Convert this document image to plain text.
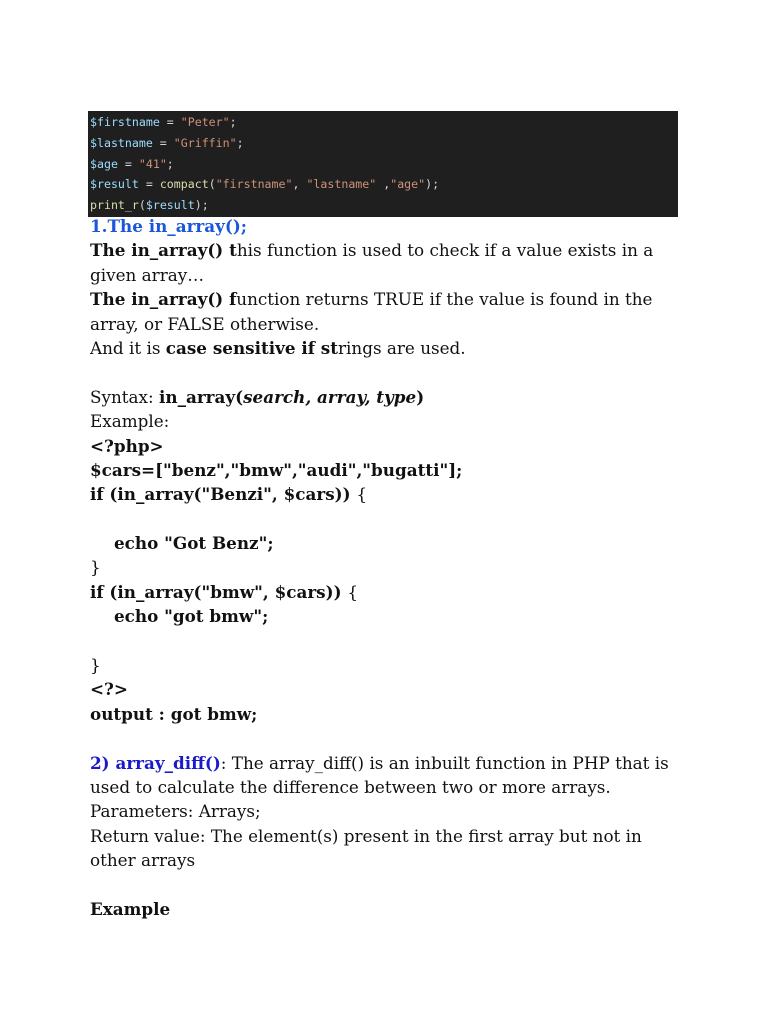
$firstname = "Peter";
$lastname = "Griffin";
$age = "41";
$result = compact("firstname", "lastname" ,"age");
print_r($result);
1.The in_array();
The in_array() this function is used to check if a value exists in a
given array…
The in_array() function returns TRUE if the value is found in the
array, or FALSE otherwise.
And it is case sensitive if strings are used.
Syntax: in_array(search, array, type)
Example:
<?php>
$cars=["benz","bmw","audi","bugatti"];
if (in_array("Benzi", $cars)) {
echo "Got Benz";
}
if (in_array("bmw", $cars)) {
echo "got bmw";
}
<?>
output : got bmw;
2) array_diff(): The array_diff() is an inbuilt function in PHP that is
used to calculate the difference between two or more arrays.
Parameters: Arrays;
Return value: The element(s) present in the first array but not in
other arrays
Example
